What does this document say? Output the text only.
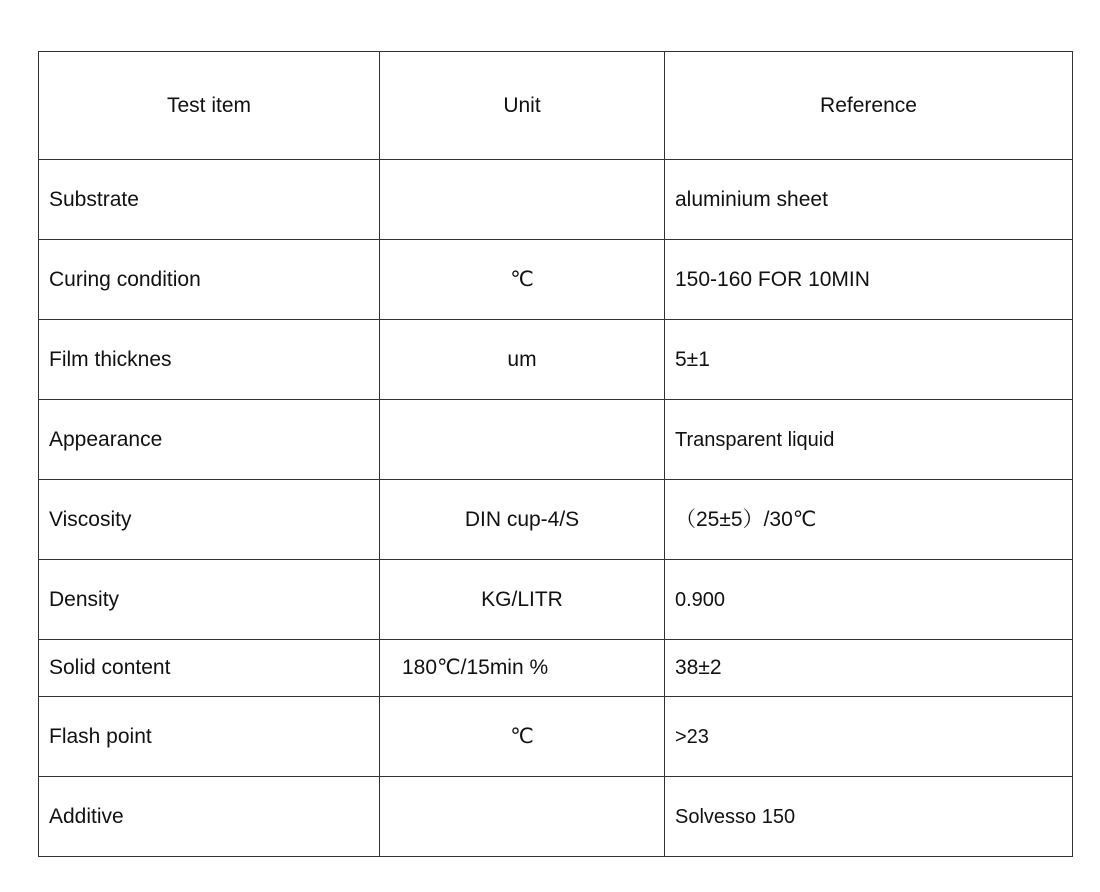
Test item	Unit	Reference
Substrate		aluminium sheet
Curing condition	℃	150-160 FOR 10MIN
Film thicknes	um	5±1
Appearance		Transparent liquid
Viscosity	DIN cup-4/S	（25±5）/30℃
Density	KG/LITR	0.900
Solid content	180℃/15min %	38±2
Flash point	℃	>23
Additive		Solvesso 150
